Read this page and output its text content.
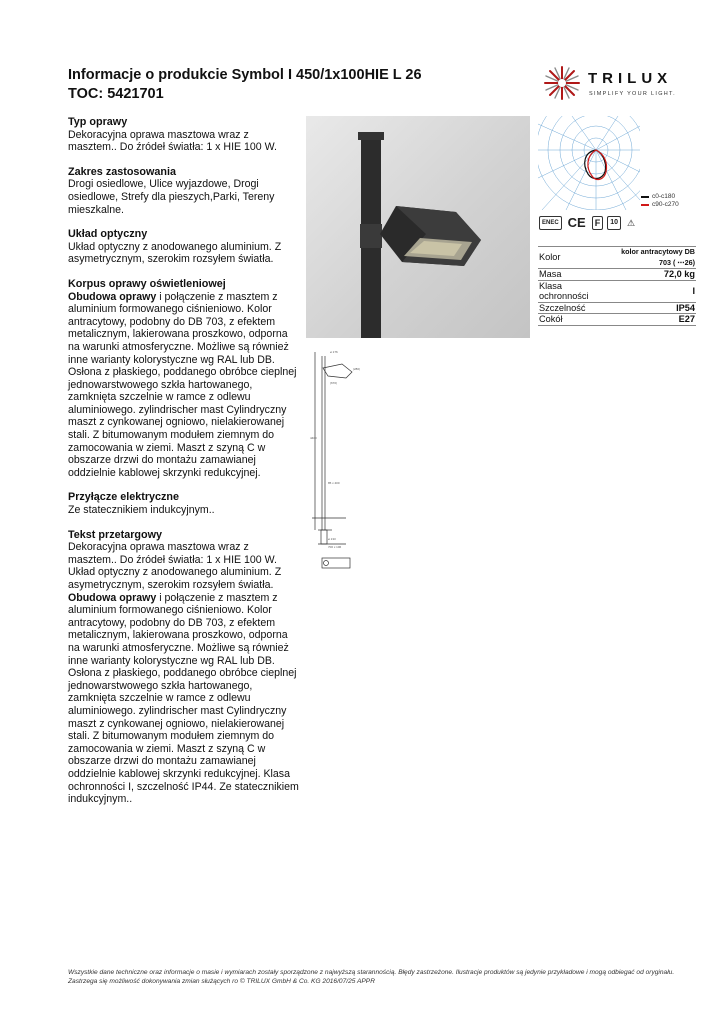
Informacje o produkcie Symbol I 450/1x100HIE L 26
TOC: 5421701
TRILUX
SIMPLIFY YOUR LIGHT.
Typ oprawy
Dekoracyjna oprawa masztowa wraz z masztem.. Do źródeł światła: 1 x HIE 100 W.
Zakres zastosowania
Drogi osiedlowe, Ulice wyjazdowe, Drogi osiedlowe, Strefy dla pieszych,Parki, Tereny mieszkalne.
Układ optyczny
Układ optyczny z anodowanego aluminium. Z asymetrycznym, szerokim rozsyłem światła.
Korpus oprawy oświetleniowej
Obudowa oprawy i połączenie z masztem z aluminium formowanego ciśnieniowo. Kolor antracytowy, podobny do DB 703, z efektem metalicznym, lakierowana proszkowo, odporna na warunki atmosferyczne. Możliwe są również inne warianty kolorystyczne wg RAL lub DB. Osłona z płaskiego, poddanego obróbce cieplnej jednowarstwowego szkła hartowanego, zamknięta szczelnie w ramce z odlewu aluminiowego. zylindrischer mast Cylindryczny maszt z cynkowanej ogniowo, nielakierowanej stali. Z bitumowanym modułem ziemnym do zamocowania w ziemi. Maszt z szyną C w obszarze drzwi do montażu zamawianej oddzielnie kablowej skrzynki redukcyjnej.
Przyłącze elektryczne
Ze statecznikiem indukcyjnym..
Tekst przetargowy
Dekoracyjna oprawa masztowa wraz z masztem.. Do źródeł światła: 1 x HIE 100 W. Układ optyczny z anodowanego aluminium. Z asymetrycznym, szerokim rozsyłem światła.
Obudowa oprawy i połączenie z masztem z aluminium formowanego ciśnieniowo. Kolor antracytowy, podobny do DB 703, z efektem metalicznym, lakierowana proszkowo, odporna na warunki atmosferyczne. Możliwe są również inne warianty kolorystyczne wg RAL lub DB. Osłona z płaskiego, poddanego obróbce cieplnej jednowarstwowego szkła hartowanego, zamknięta szczelnie w ramce z odlewu aluminiowego. zylindrischer mast Cylindryczny maszt z cynkowanej ogniowo, nielakierowanej stali. Z bitumowanym modułem ziemnym do zamocowania w ziemi. Maszt z szyną C w obszarze drzwi do montażu zamawianej oddzielnie kablowej skrzynki redukcyjnej. Klasa ochronności I, szczelność IP44. Ze statecznikiem indukcyjnym..
ø 176
(670)
(280)
85 x 400
ø 133
700 x 106
4400
c0-c180
c90-c270
ENEC CE	F	10	⚠
Kolor	kolor antracytowy DB 703 ( ⋯26)
Masa	72,0 kg
Klasa ochronności	I
Szczelność	IP54
Cokół	E27
Wszystkie dane techniczne oraz informacje o masie i wymiarach zostały sporządzone z najwyższą starannością. Błędy zastrzeżone. Ilustracje produktów są jedynie przykładowe i mogą odbiegać od oryginału. Zastrzega się możliwość dokonywania zmian służących ro © TRILUX GmbH & Co. KG 2016/07/25 APPR
